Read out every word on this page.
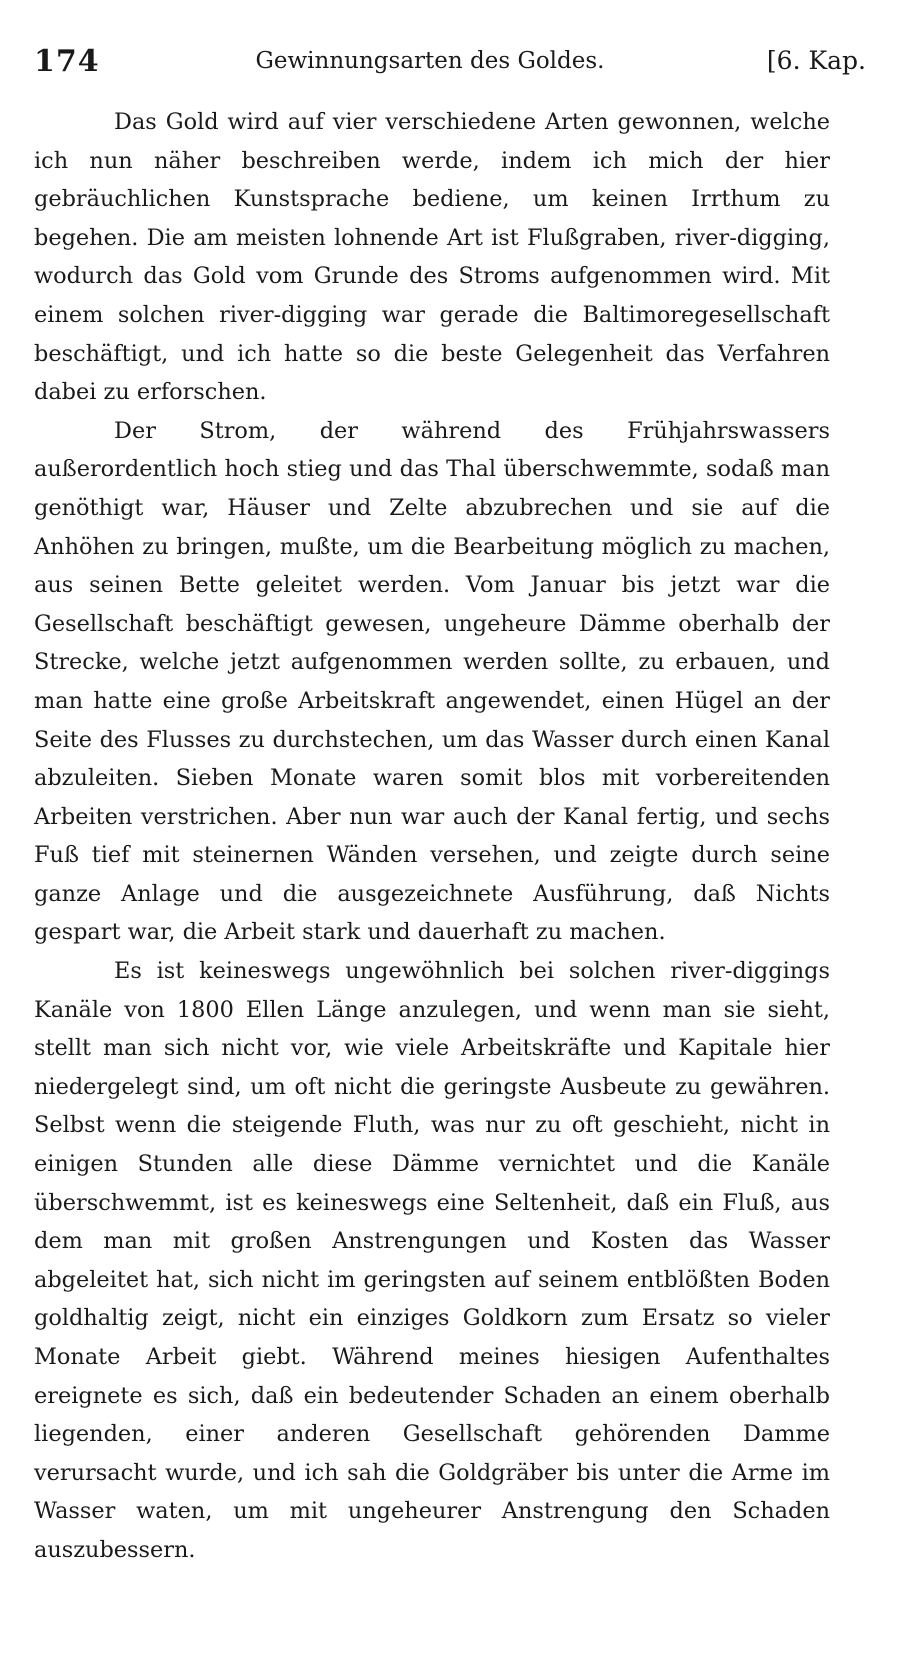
174	Gewinnungsarten des Goldes.	[6. Kap.

Das Gold wird auf vier verschiedene Arten gewonnen, welche ich nun näher beschreiben werde, indem ich mich der hier gebräuchlichen Kunstsprache bediene, um keinen Irrthum zu begehen. Die am meisten lohnende Art ist Flußgraben, river-digging, wodurch das Gold vom Grunde des Stroms aufgenommen wird. Mit einem solchen river-digging war gerade die Baltimoregesellschaft beschäftigt, und ich hatte so die beste Gelegenheit das Verfahren dabei zu erforschen.

Der Strom, der während des Frühjahrswassers außerordentlich hoch stieg und das Thal überschwemmte, sodaß man genöthigt war, Häuser und Zelte abzubrechen und sie auf die Anhöhen zu bringen, mußte, um die Bearbeitung möglich zu machen, aus seinen Bette geleitet werden. Vom Januar bis jetzt war die Gesellschaft beschäftigt gewesen, ungeheure Dämme oberhalb der Strecke, welche jetzt aufgenommen werden sollte, zu erbauen, und man hatte eine große Arbeitskraft angewendet, einen Hügel an der Seite des Flusses zu durchstechen, um das Wasser durch einen Kanal abzuleiten. Sieben Monate waren somit blos mit vorbereitenden Arbeiten verstrichen. Aber nun war auch der Kanal fertig, und sechs Fuß tief mit steinernen Wänden versehen, und zeigte durch seine ganze Anlage und die ausgezeichnete Ausführung, daß Nichts gespart war, die Arbeit stark und dauerhaft zu machen.

Es ist keineswegs ungewöhnlich bei solchen river-diggings Kanäle von 1800 Ellen Länge anzulegen, und wenn man sie sieht, stellt man sich nicht vor, wie viele Arbeitskräfte und Kapitale hier niedergelegt sind, um oft nicht die geringste Ausbeute zu gewähren. Selbst wenn die steigende Fluth, was nur zu oft geschieht, nicht in einigen Stunden alle diese Dämme vernichtet und die Kanäle überschwemmt, ist es keineswegs eine Seltenheit, daß ein Fluß, aus dem man mit großen Anstrengungen und Kosten das Wasser abgeleitet hat, sich nicht im geringsten auf seinem entblößten Boden goldhaltig zeigt, nicht ein einziges Goldkorn zum Ersatz so vieler Monate Arbeit giebt. Während meines hiesigen Aufenthaltes ereignete es sich, daß ein bedeutender Schaden an einem oberhalb liegenden, einer anderen Gesellschaft gehörenden Damme verursacht wurde, und ich sah die Goldgräber bis unter die Arme im Wasser waten, um mit ungeheurer Anstrengung den Schaden auszubessern.
